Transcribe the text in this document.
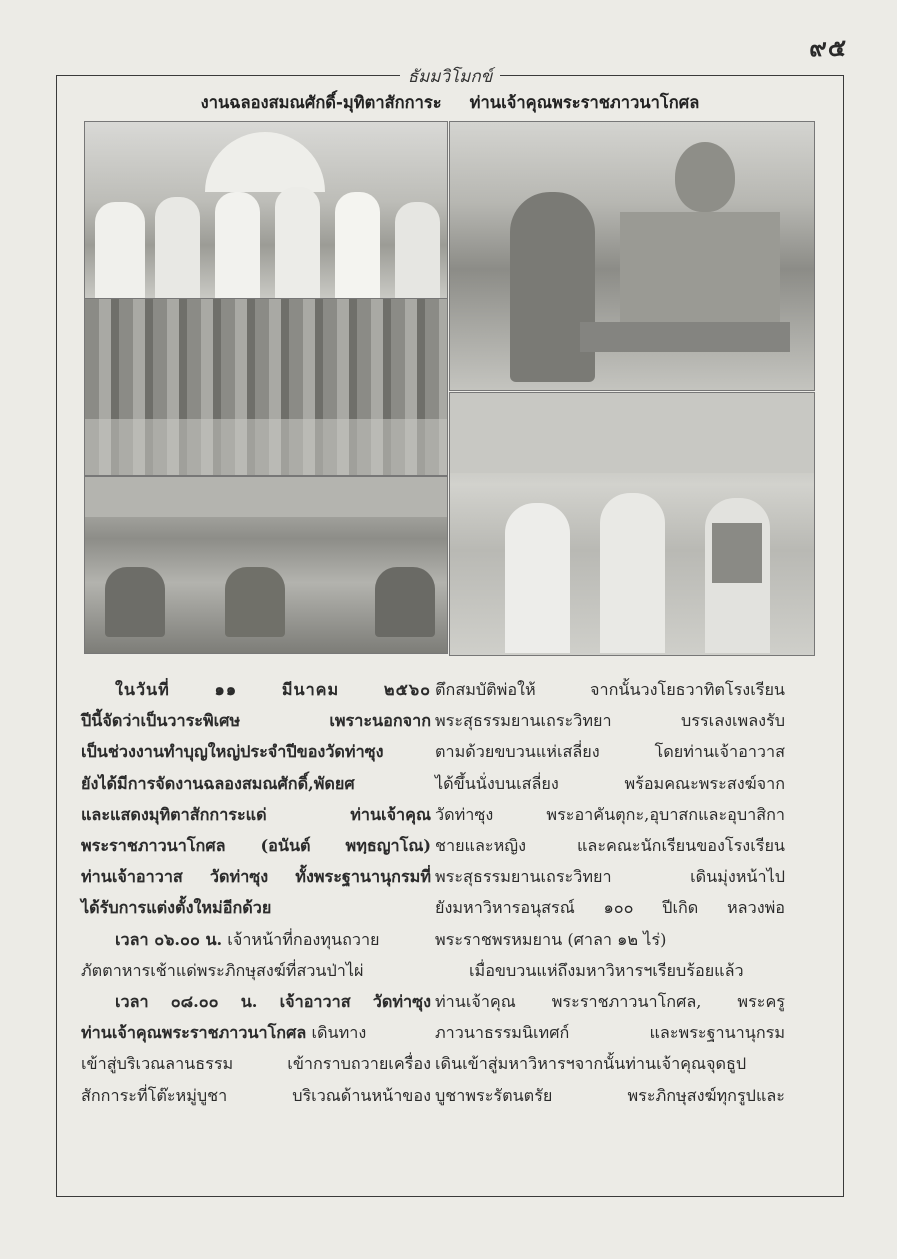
๙๕
ธัมมวิโมกข์
งานฉลองสมณศักดิ์-มุทิตาสักการะ ท่านเจ้าคุณพระราชภาวนาโกศล

ในวันที่ ๑๑ มีนาคม ๒๕๖๐

ปีนี้จัดว่าเป็นวาระพิเศษ เพราะนอกจาก

เป็นช่วงงานทำบุญใหญ่ประจำปีของวัดท่าซุง

ยังได้มีการจัดงานฉลองสมณศักดิ์,พัดยศ

และแสดงมุทิตาสักการะแด่ ท่านเจ้าคุณ

พระราชภาวนาโกศล (อนันต์ พทฺธญาโณ)

ท่านเจ้าอาวาส วัดท่าซุง ทั้งพระฐานานุกรมที่

ได้รับการแต่งตั้งใหม่อีกด้วย

เวลา ๐๖.๐๐ น. เจ้าหน้าที่กองทุนถวาย

ภัตตาหารเช้าแด่พระภิกษุสงฆ์ที่สวนป่าไผ่

เวลา ๐๘.๐๐ น. เจ้าอาวาส วัดท่าซุง

ท่านเจ้าคุณพระราชภาวนาโกศล เดินทาง

เข้าสู่บริเวณลานธรรม เข้ากราบถวายเครื่อง

สักการะที่โต๊ะหมู่บูชา บริเวณด้านหน้าของ

ตึกสมบัติพ่อให้ จากนั้นวงโยธวาทิตโรงเรียน

พระสุธรรมยานเถระวิทยา บรรเลงเพลงรับ

ตามด้วยขบวนแห่เสลี่ยง โดยท่านเจ้าอาวาส

ได้ขึ้นนั่งบนเสลี่ยง พร้อมคณะพระสงฆ์จาก

วัดท่าซุง พระอาคันตุกะ,อุบาสกและอุบาสิกา

ชายและหญิง และคณะนักเรียนของโรงเรียน

พระสุธรรมยานเถระวิทยา เดินมุ่งหน้าไป

ยังมหาวิหารอนุสรณ์ ๑๐๐ ปีเกิด หลวงพ่อ

พระราชพรหมยาน (ศาลา ๑๒ ไร่)

เมื่อขบวนแห่ถึงมหาวิหารฯเรียบร้อยแล้ว

ท่านเจ้าคุณ พระราชภาวนาโกศล, พระครู

ภาวนาธรรมนิเทศก์ และพระฐานานุกรม

เดินเข้าสู่มหาวิหารฯจากนั้นท่านเจ้าคุณจุดธูป

บูชาพระรัตนตรัย พระภิกษุสงฆ์ทุกรูปและ
